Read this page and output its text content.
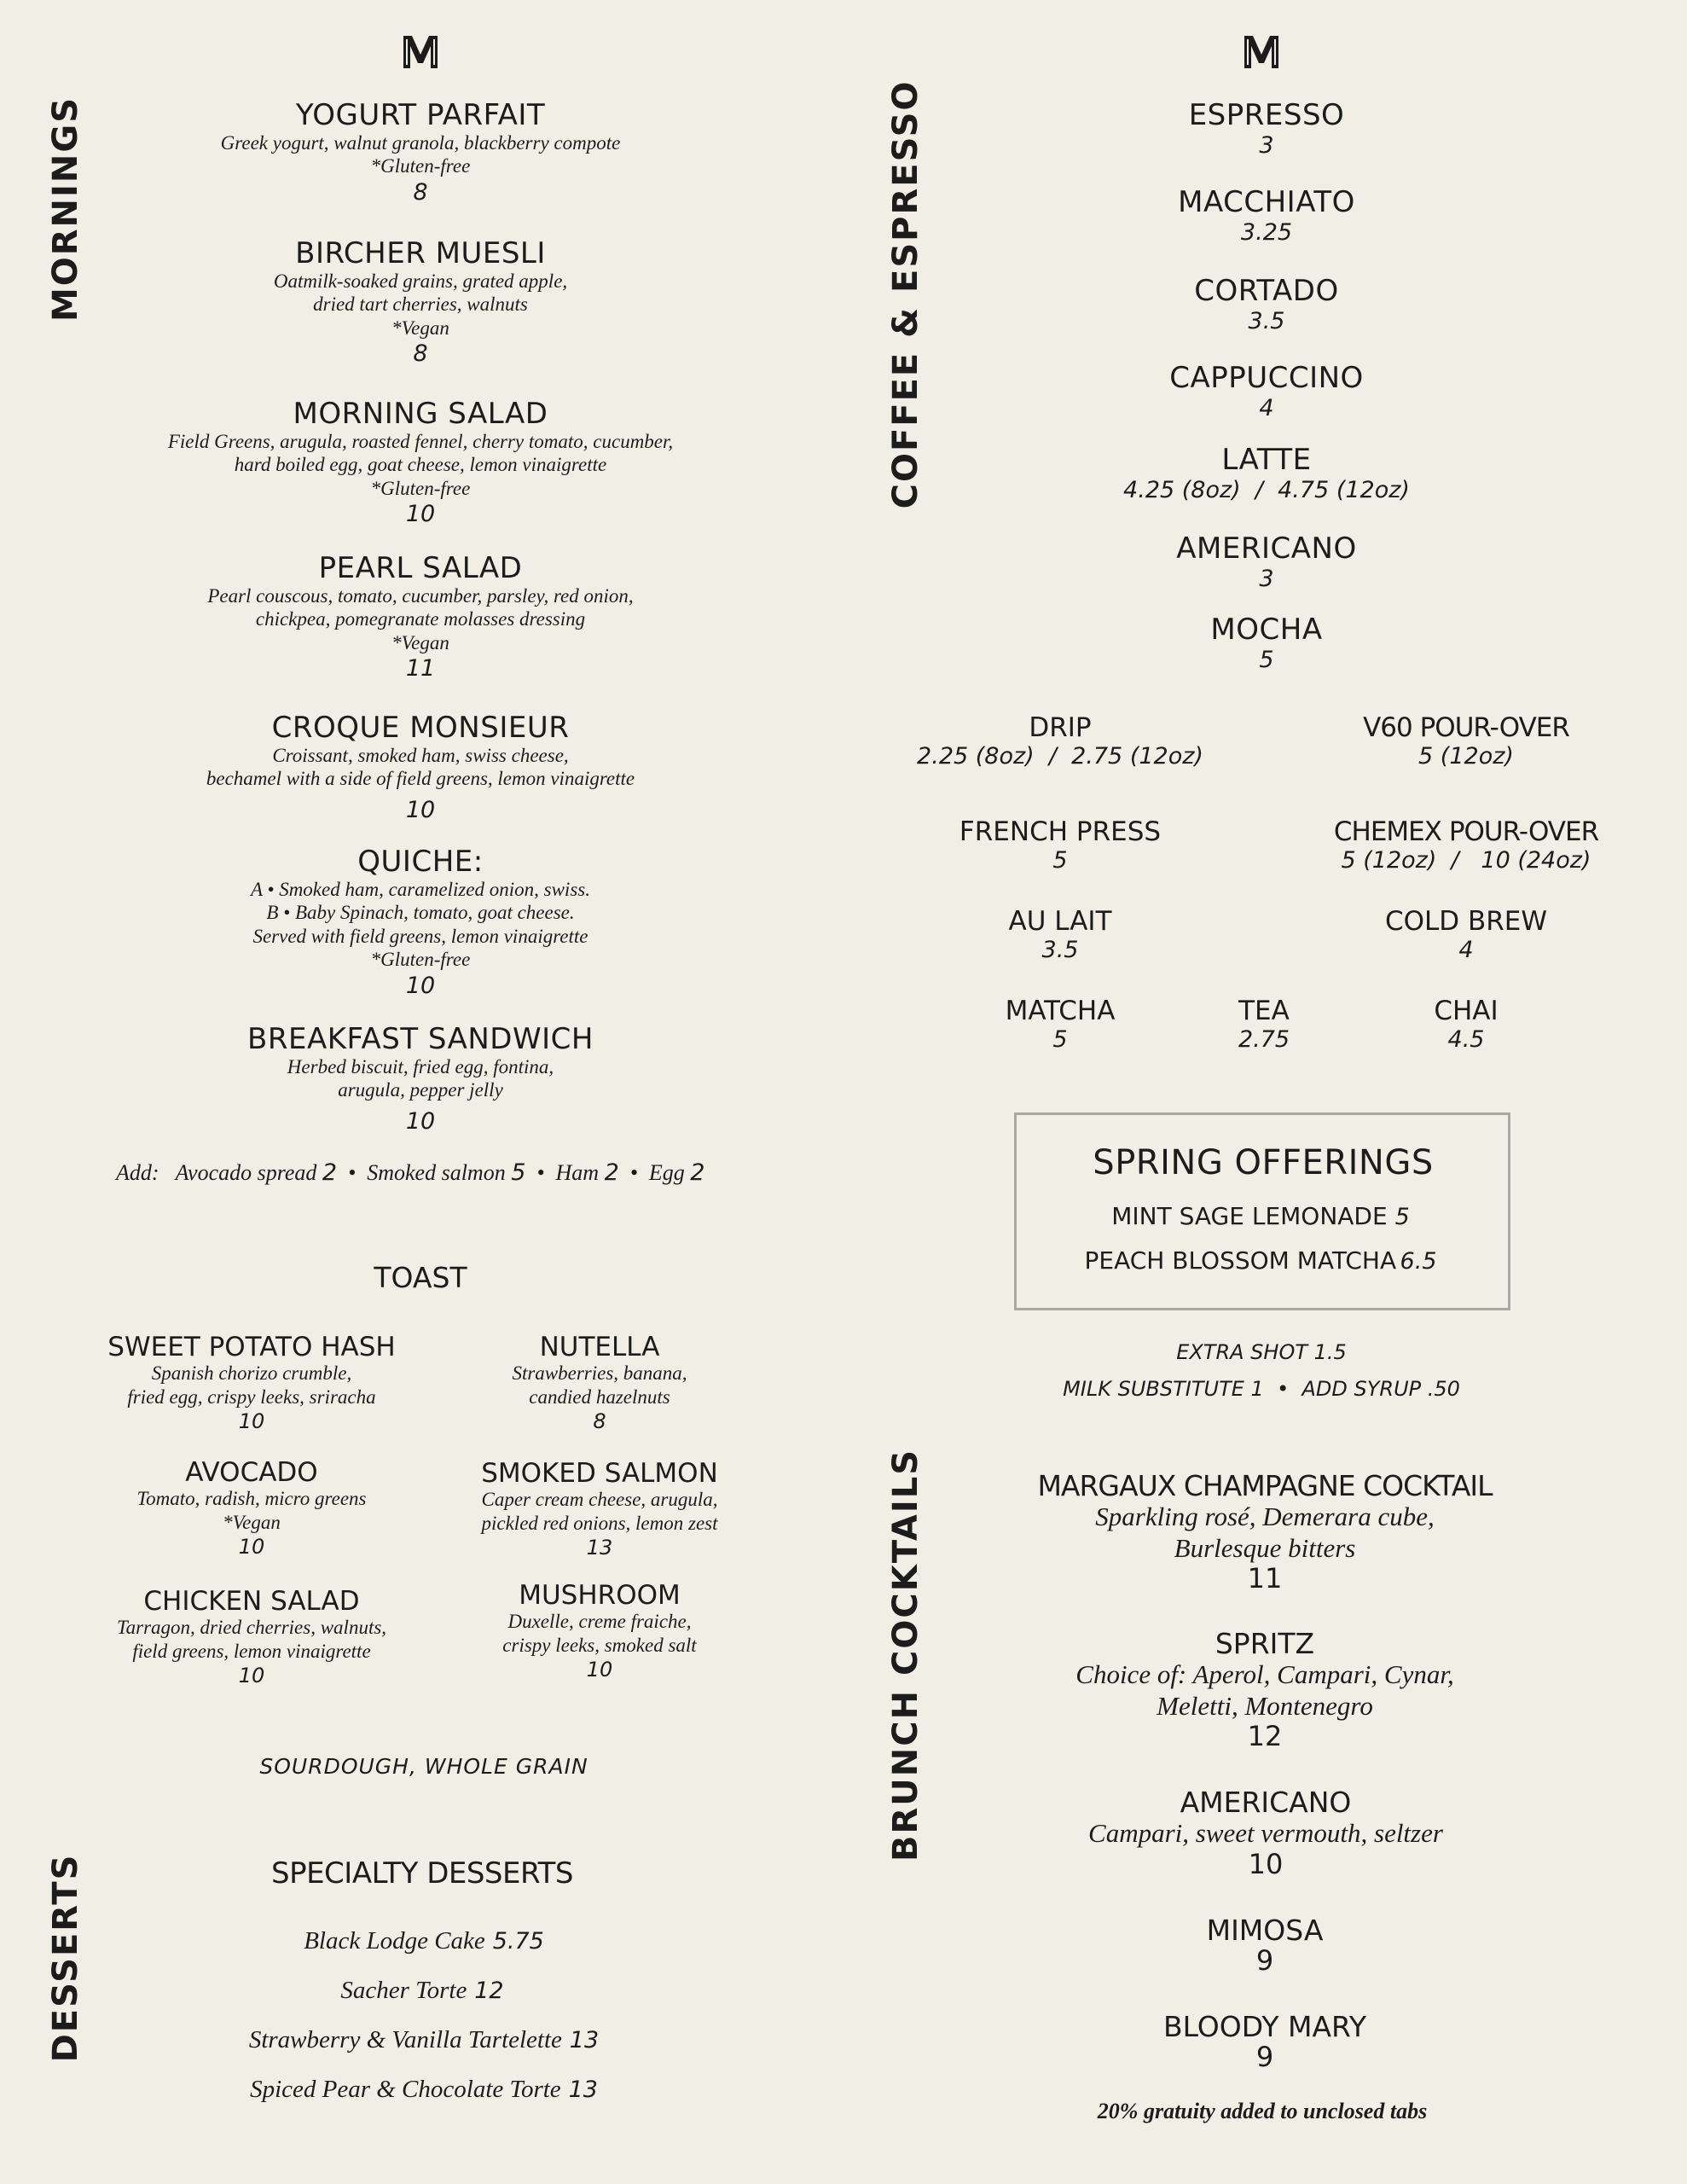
MORNINGS
DESSERTS
COFFEE & ESPRESSO
BRUNCH COCKTAILS
YOGURT PARFAIT
Greek yogurt, walnut granola, blackberry compote
*Gluten-free
8
BIRCHER MUESLI
Oatmilk-soaked grains, grated apple,
dried tart cherries, walnuts
*Vegan
8
MORNING SALAD
Field Greens, arugula, roasted fennel, cherry tomato, cucumber,
hard boiled egg, goat cheese, lemon vinaigrette
*Gluten-free
10
PEARL SALAD
Pearl couscous, tomato, cucumber, parsley, red onion,
chickpea, pomegranate molasses dressing
*Vegan
11
CROQUE MONSIEUR
Croissant, smoked ham, swiss cheese,
bechamel with a side of field greens, lemon vinaigrette
10
QUICHE:
A • Smoked ham, caramelized onion, swiss.
B • Baby Spinach, tomato, goat cheese.
Served with field greens, lemon vinaigrette
*Gluten-free
10
BREAKFAST SANDWICH
Herbed biscuit, fried egg, fontina,
arugula, pepper jelly
10
Add: Avocado spread 2  •  Smoked salmon 5  •  Ham 2  •  Egg 2
TOAST
SWEET POTATO HASH
Spanish chorizo crumble,
fried egg, crispy leeks, sriracha
10
NUTELLA
Strawberries, banana,
candied hazelnuts
8
AVOCADO
Tomato, radish, micro greens
*Vegan
10
SMOKED SALMON
Caper cream cheese, arugula,
pickled red onions, lemon zest
13
CHICKEN SALAD
Tarragon, dried cherries, walnuts,
field greens, lemon vinaigrette
10
MUSHROOM
Duxelle, creme fraiche,
crispy leeks, smoked salt
10
SOURDOUGH, WHOLE GRAIN
SPECIALTY DESSERTS
Black Lodge Cake 5.75
Sacher Torte 12
Strawberry & Vanilla Tartelette 13
Spiced Pear & Chocolate Torte 13
ESPRESSO
3
MACCHIATO
3.25
CORTADO
3.5
CAPPUCCINO
4
LATTE
4.25 (8oz)  /  4.75 (12oz)
AMERICANO
3
MOCHA
5
DRIP
2.25 (8oz)  /  2.75 (12oz)
V60 POUR-OVER
5 (12oz)
FRENCH PRESS
5
CHEMEX POUR-OVER
5 (12oz)  /   10 (24oz)
AU LAIT
3.5
COLD BREW
4
MATCHA
5
TEA
2.75
CHAI
4.5
SPRING OFFERINGS
MINT SAGE LEMONADE 5
PEACH BLOSSOM MATCHA 6.5
EXTRA SHOT 1.5
MILK SUBSTITUTE 1  •  ADD SYRUP .50
MARGAUX CHAMPAGNE COCKTAIL
Sparkling rosé, Demerara cube,
Burlesque bitters
11
SPRITZ
Choice of: Aperol, Campari, Cynar,
Meletti, Montenegro
12
AMERICANO
Campari, sweet vermouth, seltzer
10
MIMOSA
9
BLOODY MARY
9
20% gratuity added to unclosed tabs
